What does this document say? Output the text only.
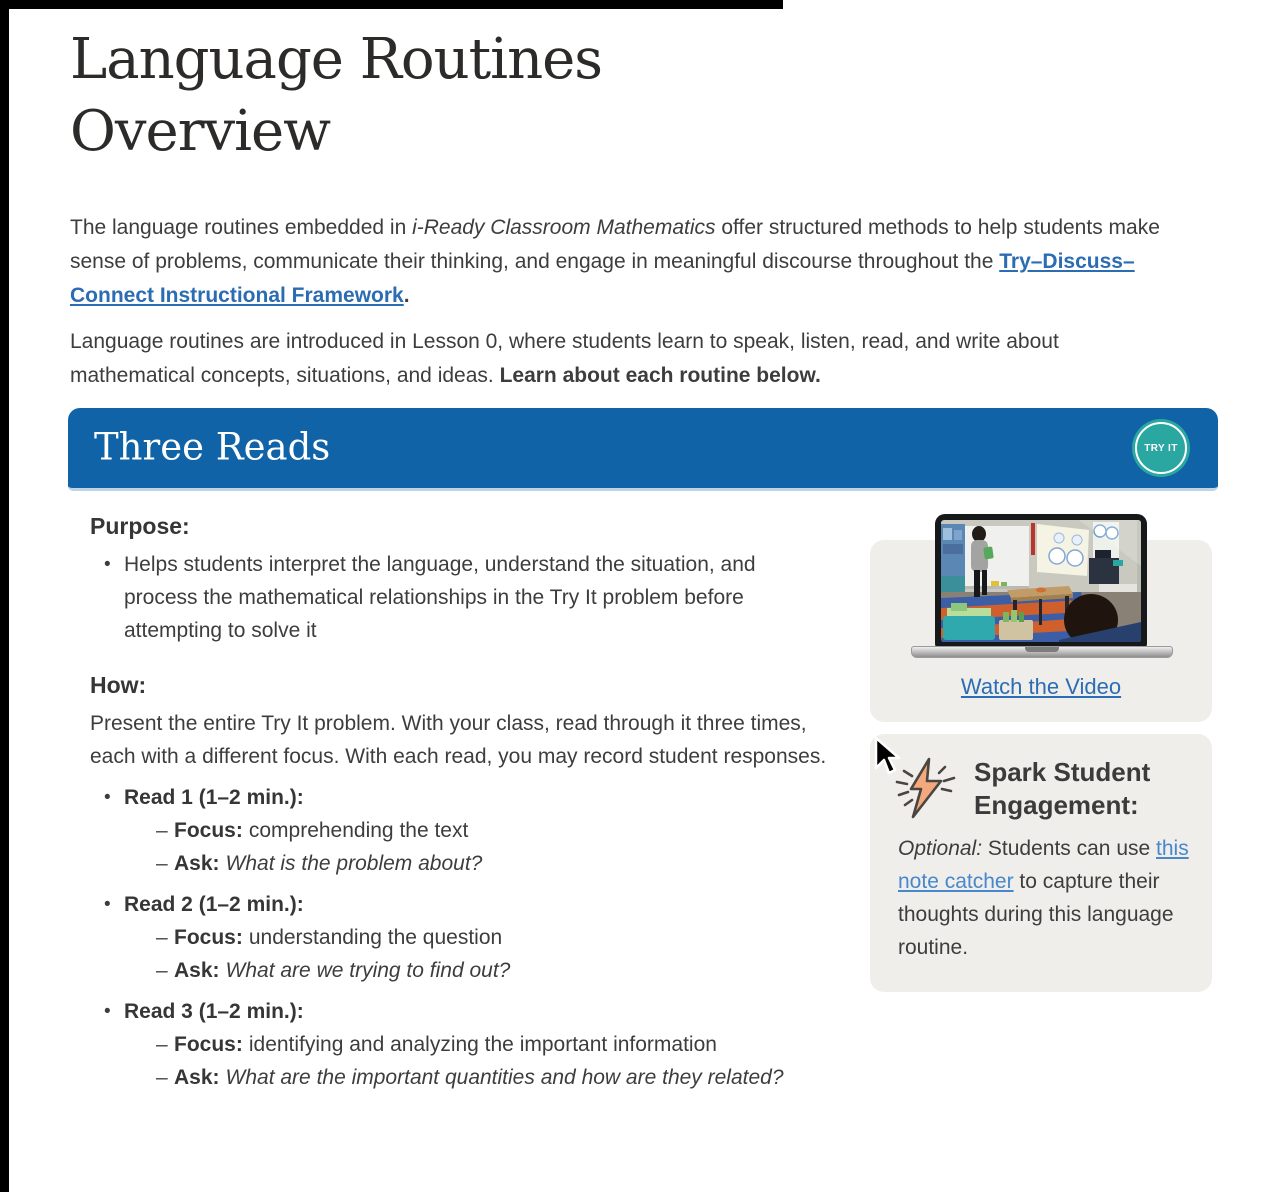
Language Routines
Overview

The language routines embedded in i-Ready Classroom Mathematics offer structured methods to help students make sense of problems, communicate their thinking, and engage in meaningful discourse throughout the Try–Discuss–Connect Instructional Framework.

Language routines are introduced in Lesson 0, where students learn to speak, listen, read, and write about mathematical concepts, situations, and ideas. Learn about each routine below.

Three Reads	TRY IT
Purpose:
• Helps students interpret the language, understand the situation, and process the mathematical relationships in the Try It problem before attempting to solve it
How:

Present the entire Try It problem. With your class, read through it three times, each with a different focus. With each read, you may record student responses.

• Read 1 (1–2 min.):
– Focus: comprehending the text
– Ask: What is the problem about?
• Read 2 (1–2 min.):
– Focus: understanding the question
– Ask: What are we trying to find out?
• Read 3 (1–2 min.):
– Focus: identifying and analyzing the important information
– Ask: What are the important quantities and how are they related?
Watch the Video
Spark Student
Engagement:
Optional: Students can use this note catcher to capture their thoughts during this language routine.
